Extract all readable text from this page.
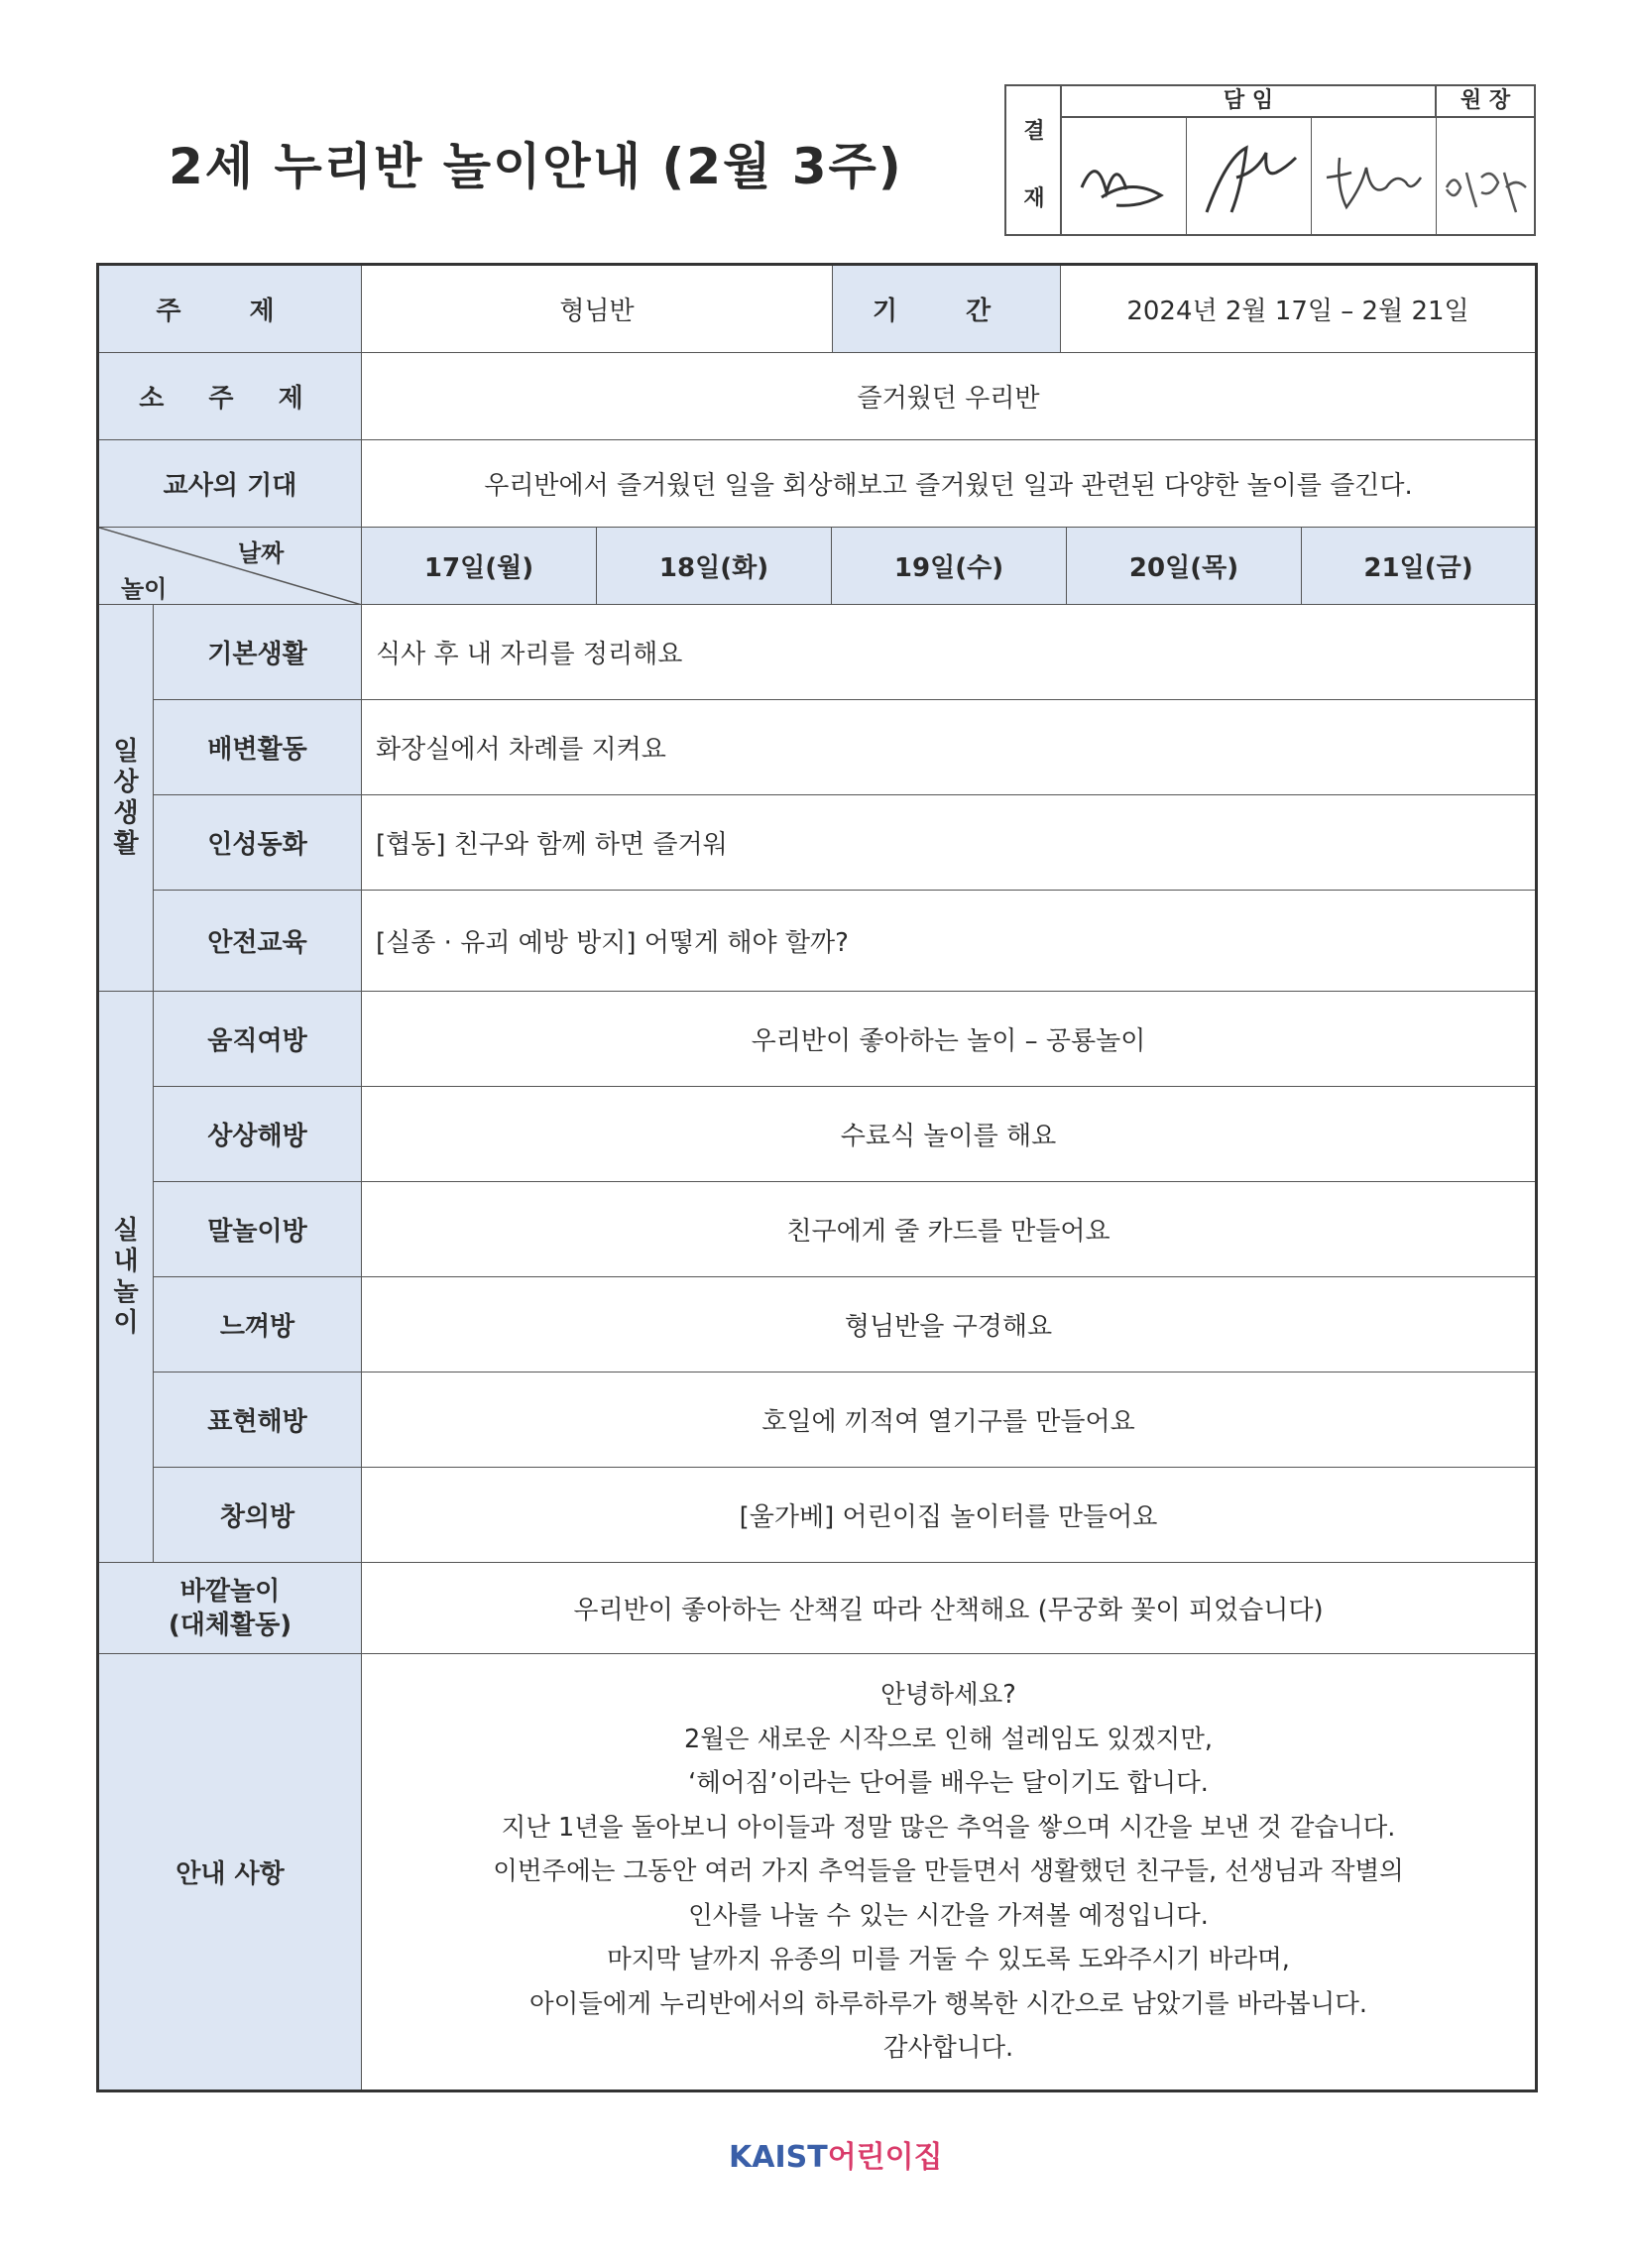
2세 누리반 놀이안내 (2월 3주)
결
재
담 임	원 장
주 제	형님반	기 간	2024년 2월 17일 – 2월 21일
소 주 제	즐거웠던 우리반
교사의 기대	우리반에서 즐거웠던 일을 회상해보고 즐거웠던 일과 관련된 다양한 놀이를 즐긴다.
날짜
놀이
17일(월)	18일(화)	19일(수)	20일(목)	21일(금)
일
상
생
활
기본생활	식사 후 내 자리를 정리해요
배변활동	화장실에서 차례를 지켜요
인성동화	[협동] 친구와 함께 하면 즐거워
안전교육	[실종 · 유괴 예방 방지] 어떻게 해야 할까?
실
내
놀
이
움직여방	우리반이 좋아하는 놀이 – 공룡놀이
상상해방	수료식 놀이를 해요
말놀이방	친구에게 줄 카드를 만들어요
느껴방	형님반을 구경해요
표현해방	호일에 끼적여 열기구를 만들어요
창의방	[울가베] 어린이집 놀이터를 만들어요
바깥놀이
(대체활동)	우리반이 좋아하는 산책길 따라 산책해요 (무궁화 꽃이 피었습니다)
안내 사항
안녕하세요?
2월은 새로운 시작으로 인해 설레임도 있겠지만,
‘헤어짐’이라는 단어를 배우는 달이기도 합니다.
지난 1년을 돌아보니 아이들과 정말 많은 추억을 쌓으며 시간을 보낸 것 같습니다.
이번주에는 그동안 여러 가지 추억들을 만들면서 생활했던 친구들, 선생님과 작별의
인사를 나눌 수 있는 시간을 가져볼 예정입니다.
마지막 날까지 유종의 미를 거둘 수 있도록 도와주시기 바라며,
아이들에게 누리반에서의 하루하루가 행복한 시간으로 남았기를 바라봅니다.
감사합니다.
KAIST어린이집
